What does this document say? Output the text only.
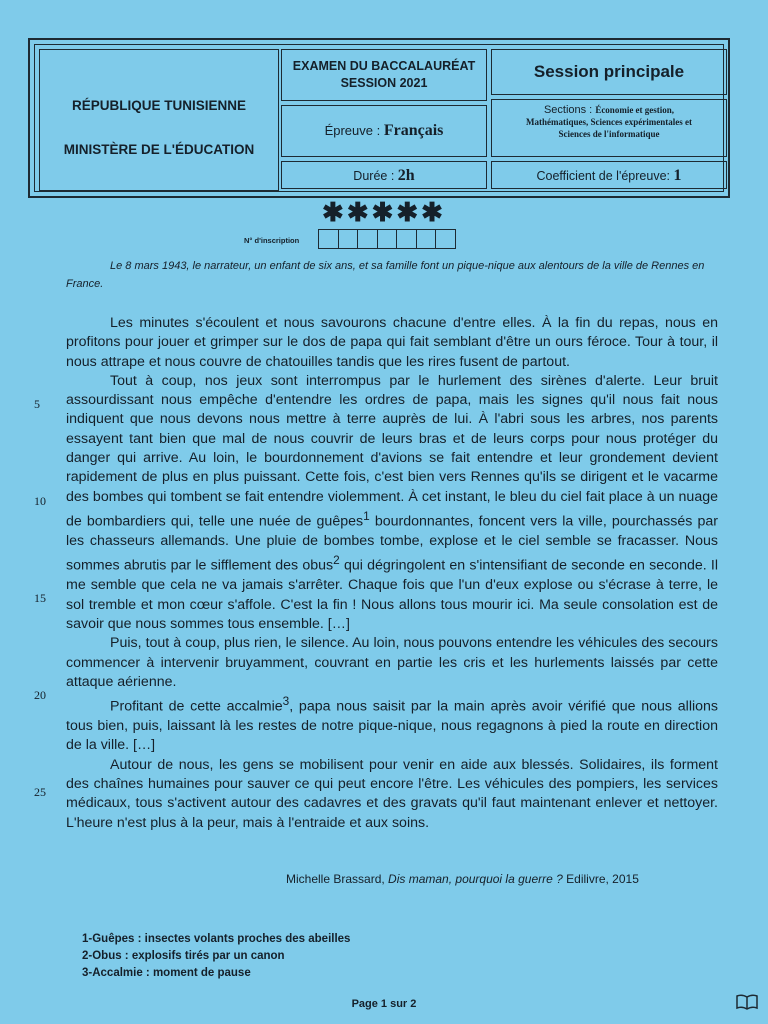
RÉPUBLIQUE TUNISIENNE
MINISTÈRE DE L'ÉDUCATION
EXAMEN DU BACCALAURÉAT
SESSION 2021
Session principale
Épreuve : Français
Sections : Économie et gestion,
Mathématiques, Sciences expérimentales et
Sciences de l'informatique
Durée : 2h	Coefficient de l'épreuve: 1
✱✱✱✱✱
N° d'inscription
Le 8 mars 1943, le narrateur, un enfant de six ans, et sa famille font un pique-nique aux alentours de la ville de Rennes en France.

Les minutes s'écoulent et nous savourons chacune d'entre elles. À la fin du repas, nous en profitons pour jouer et grimper sur le dos de papa qui fait semblant d'être un ours féroce. Tour à tour, il nous attrape et nous couvre de chatouilles tandis que les rires fusent de partout.

Tout à coup, nos jeux sont interrompus par le hurlement des sirènes d'alerte. Leur bruit assourdissant nous empêche d'entendre les ordres de papa, mais les signes qu'il nous fait nous indiquent que nous devons nous mettre à terre auprès de lui. À l'abri sous les arbres, nos parents essayent tant bien que mal de nous couvrir de leurs bras et de leurs corps pour nous protéger du danger qui arrive. Au loin, le bourdonnement d'avions se fait entendre et leur grondement devient rapidement de plus en plus puissant. Cette fois, c'est bien vers Rennes qu'ils se dirigent et le vacarme des bombes qui tombent se fait entendre violemment. À cet instant, le bleu du ciel fait place à un nuage de bombardiers qui, telle une nuée de guêpes$^1$ bourdonnantes, foncent vers la ville, pourchassés par les chasseurs allemands. Une pluie de bombes tombe, explose et le ciel semble se fracasser. Nous sommes abrutis par le sifflement des obus$^2$ qui dégringolent en s'intensifiant de seconde en seconde. Il me semble que cela ne va jamais s'arrêter. Chaque fois que l'un d'eux explose ou s'écrase à terre, le sol tremble et mon cœur s'affole. C'est la fin ! Nous allons tous mourir ici. Ma seule consolation est de savoir que nous sommes tous ensemble. […]

Puis, tout à coup, plus rien, le silence. Au loin, nous pouvons entendre les véhicules des secours commencer à intervenir bruyamment, couvrant en partie les cris et les hurlements laissés par cette attaque aérienne.

Profitant de cette accalmie$^3$, papa nous saisit par la main après avoir vérifié que nous allions tous bien, puis, laissant là les restes de notre pique-nique, nous regagnons à pied la route en direction de la ville. […]

Autour de nous, les gens se mobilisent pour venir en aide aux blessés. Solidaires, ils forment des chaînes humaines pour sauver ce qui peut encore l'être. Les véhicules des pompiers, les services médicaux, tous s'activent autour des cadavres et des gravats qu'il faut maintenant enlever et nettoyer. L'heure n'est plus à la peur, mais à l'entraide et aux soins.

5
10
15
20
25
Michelle Brassard, Dis maman, pourquoi la guerre ? Edilivre, 2015
1-Guêpes : insectes volants proches des abeilles
2-Obus : explosifs tirés par un canon
3-Accalmie : moment de pause
Page 1 sur 2
